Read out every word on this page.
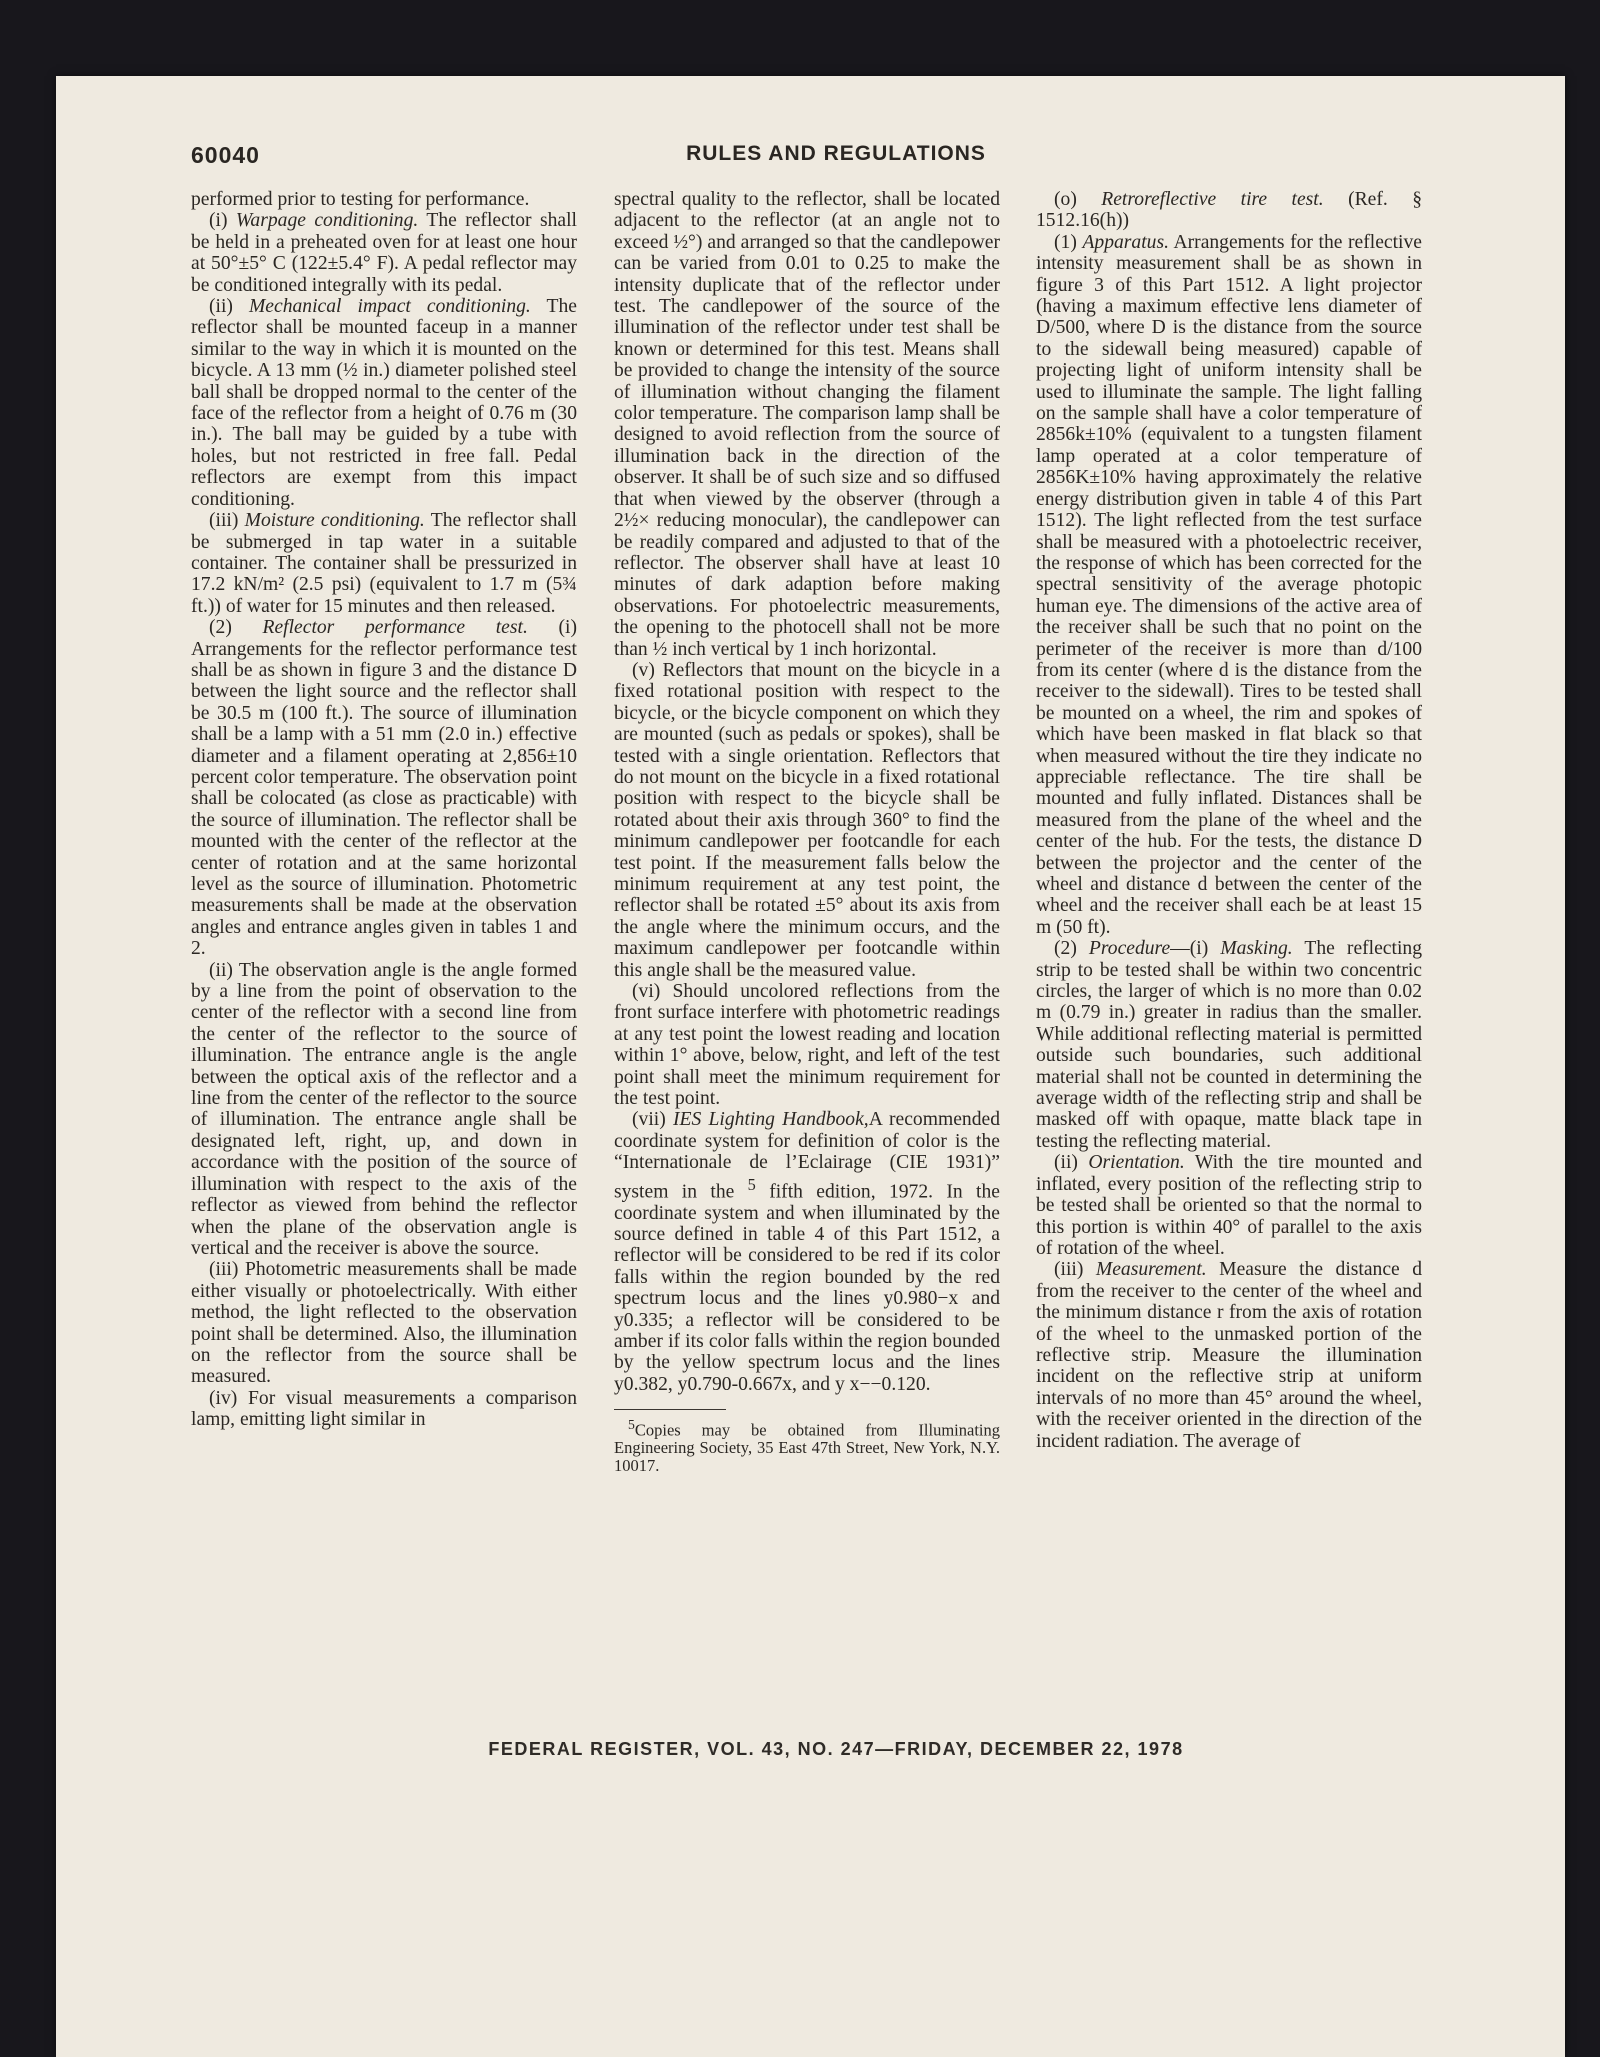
60040	RULES AND REGULATIONS

performed prior to testing for performance.

(i) Warpage conditioning. The reflector shall be held in a preheated oven for at least one hour at 50°±5° C (122±5.4° F). A pedal reflector may be conditioned integrally with its pedal.

(ii) Mechanical impact conditioning. The reflector shall be mounted faceup in a manner similar to the way in which it is mounted on the bicycle. A 13 mm (½ in.) diameter polished steel ball shall be dropped normal to the center of the face of the reflector from a height of 0.76 m (30 in.). The ball may be guided by a tube with holes, but not restricted in free fall. Pedal reflectors are exempt from this impact conditioning.

(iii) Moisture conditioning. The reflector shall be submerged in tap water in a suitable container. The container shall be pressurized in 17.2 kN/m² (2.5 psi) (equivalent to 1.7 m (5¾ ft.)) of water for 15 minutes and then released.

(2) Reflector performance test. (i) Arrangements for the reflector performance test shall be as shown in figure 3 and the distance D between the light source and the reflector shall be 30.5 m (100 ft.). The source of illumination shall be a lamp with a 51 mm (2.0 in.) effective diameter and a filament operating at 2,856±10 percent color temperature. The observation point shall be colocated (as close as practicable) with the source of illumination. The reflector shall be mounted with the center of the reflector at the center of rotation and at the same horizontal level as the source of illumination. Photometric measurements shall be made at the observation angles and entrance angles given in tables 1 and 2.

(ii) The observation angle is the angle formed by a line from the point of observation to the center of the reflector with a second line from the center of the reflector to the source of illumination. The entrance angle is the angle between the optical axis of the reflector and a line from the center of the reflector to the source of illumination. The entrance angle shall be designated left, right, up, and down in accordance with the position of the source of illumination with respect to the axis of the reflector as viewed from behind the reflector when the plane of the observation angle is vertical and the receiver is above the source.

(iii) Photometric measurements shall be made either visually or photoelectrically. With either method, the light reflected to the observation point shall be determined. Also, the illumination on the reflector from the source shall be measured.

(iv) For visual measurements a comparison lamp, emitting light similar in

spectral quality to the reflector, shall be located adjacent to the reflector (at an angle not to exceed ½°) and arranged so that the candlepower can be varied from 0.01 to 0.25 to make the intensity duplicate that of the reflector under test. The candlepower of the source of the illumination of the reflector under test shall be known or determined for this test. Means shall be provided to change the intensity of the source of illumination without changing the filament color temperature. The comparison lamp shall be designed to avoid reflection from the source of illumination back in the direction of the observer. It shall be of such size and so diffused that when viewed by the observer (through a 2½× reducing monocular), the candlepower can be readily compared and adjusted to that of the reflector. The observer shall have at least 10 minutes of dark adaption before making observations. For photoelectric measurements, the opening to the photocell shall not be more than ½ inch vertical by 1 inch horizontal.

(v) Reflectors that mount on the bicycle in a fixed rotational position with respect to the bicycle, or the bicycle component on which they are mounted (such as pedals or spokes), shall be tested with a single orientation. Reflectors that do not mount on the bicycle in a fixed rotational position with respect to the bicycle shall be rotated about their axis through 360° to find the minimum candlepower per footcandle for each test point. If the measurement falls below the minimum requirement at any test point, the reflector shall be rotated ±5° about its axis from the angle where the minimum occurs, and the maximum candlepower per footcandle within this angle shall be the measured value.

(vi) Should uncolored reflections from the front surface interfere with photometric readings at any test point the lowest reading and location within 1° above, below, right, and left of the test point shall meet the minimum requirement for the test point.

(vii) IES Lighting Handbook,A recommended coordinate system for definition of color is the “Internationale de l’Eclairage (CIE 1931)” system in the $^5$ fifth edition, 1972. In the coordinate system and when illuminated by the source defined in table 4 of this Part 1512, a reflector will be considered to be red if its color falls within the region bounded by the red spectrum locus and the lines y0.980−x and y0.335; a reflector will be considered to be amber if its color falls within the region bounded by the yellow spectrum locus and the lines y0.382, y0.790-0.667x, and y x−−0.120.

$^5$Copies may be obtained from Illuminating Engineering Society, 35 East 47th Street, New York, N.Y. 10017.

(o) Retroreflective tire test. (Ref. § 1512.16(h))

(1) Apparatus. Arrangements for the reflective intensity measurement shall be as shown in figure 3 of this Part 1512. A light projector (having a maximum effective lens diameter of D/500, where D is the distance from the source to the sidewall being measured) capable of projecting light of uniform intensity shall be used to illuminate the sample. The light falling on the sample shall have a color temperature of 2856k±10% (equivalent to a tungsten filament lamp operated at a color temperature of 2856K±10% having approximately the relative energy distribution given in table 4 of this Part 1512). The light reflected from the test surface shall be measured with a photoelectric receiver, the response of which has been corrected for the spectral sensitivity of the average photopic human eye. The dimensions of the active area of the receiver shall be such that no point on the perimeter of the receiver is more than d/100 from its center (where d is the distance from the receiver to the sidewall). Tires to be tested shall be mounted on a wheel, the rim and spokes of which have been masked in flat black so that when measured without the tire they indicate no appreciable reflectance. The tire shall be mounted and fully inflated. Distances shall be measured from the plane of the wheel and the center of the hub. For the tests, the distance D between the projector and the center of the wheel and distance d between the center of the wheel and the receiver shall each be at least 15 m (50 ft).

(2) Procedure—(i) Masking. The reflecting strip to be tested shall be within two concentric circles, the larger of which is no more than 0.02 m (0.79 in.) greater in radius than the smaller. While additional reflecting material is permitted outside such boundaries, such additional material shall not be counted in determining the average width of the reflecting strip and shall be masked off with opaque, matte black tape in testing the reflecting material.

(ii) Orientation. With the tire mounted and inflated, every position of the reflecting strip to be tested shall be oriented so that the normal to this portion is within 40° of parallel to the axis of rotation of the wheel.

(iii) Measurement. Measure the distance d from the receiver to the center of the wheel and the minimum distance r from the axis of rotation of the wheel to the unmasked portion of the reflective strip. Measure the illumination incident on the reflective strip at uniform intervals of no more than 45° around the wheel, with the receiver oriented in the direction of the incident radiation. The average of

FEDERAL REGISTER, VOL. 43, NO. 247—FRIDAY, DECEMBER 22, 1978
